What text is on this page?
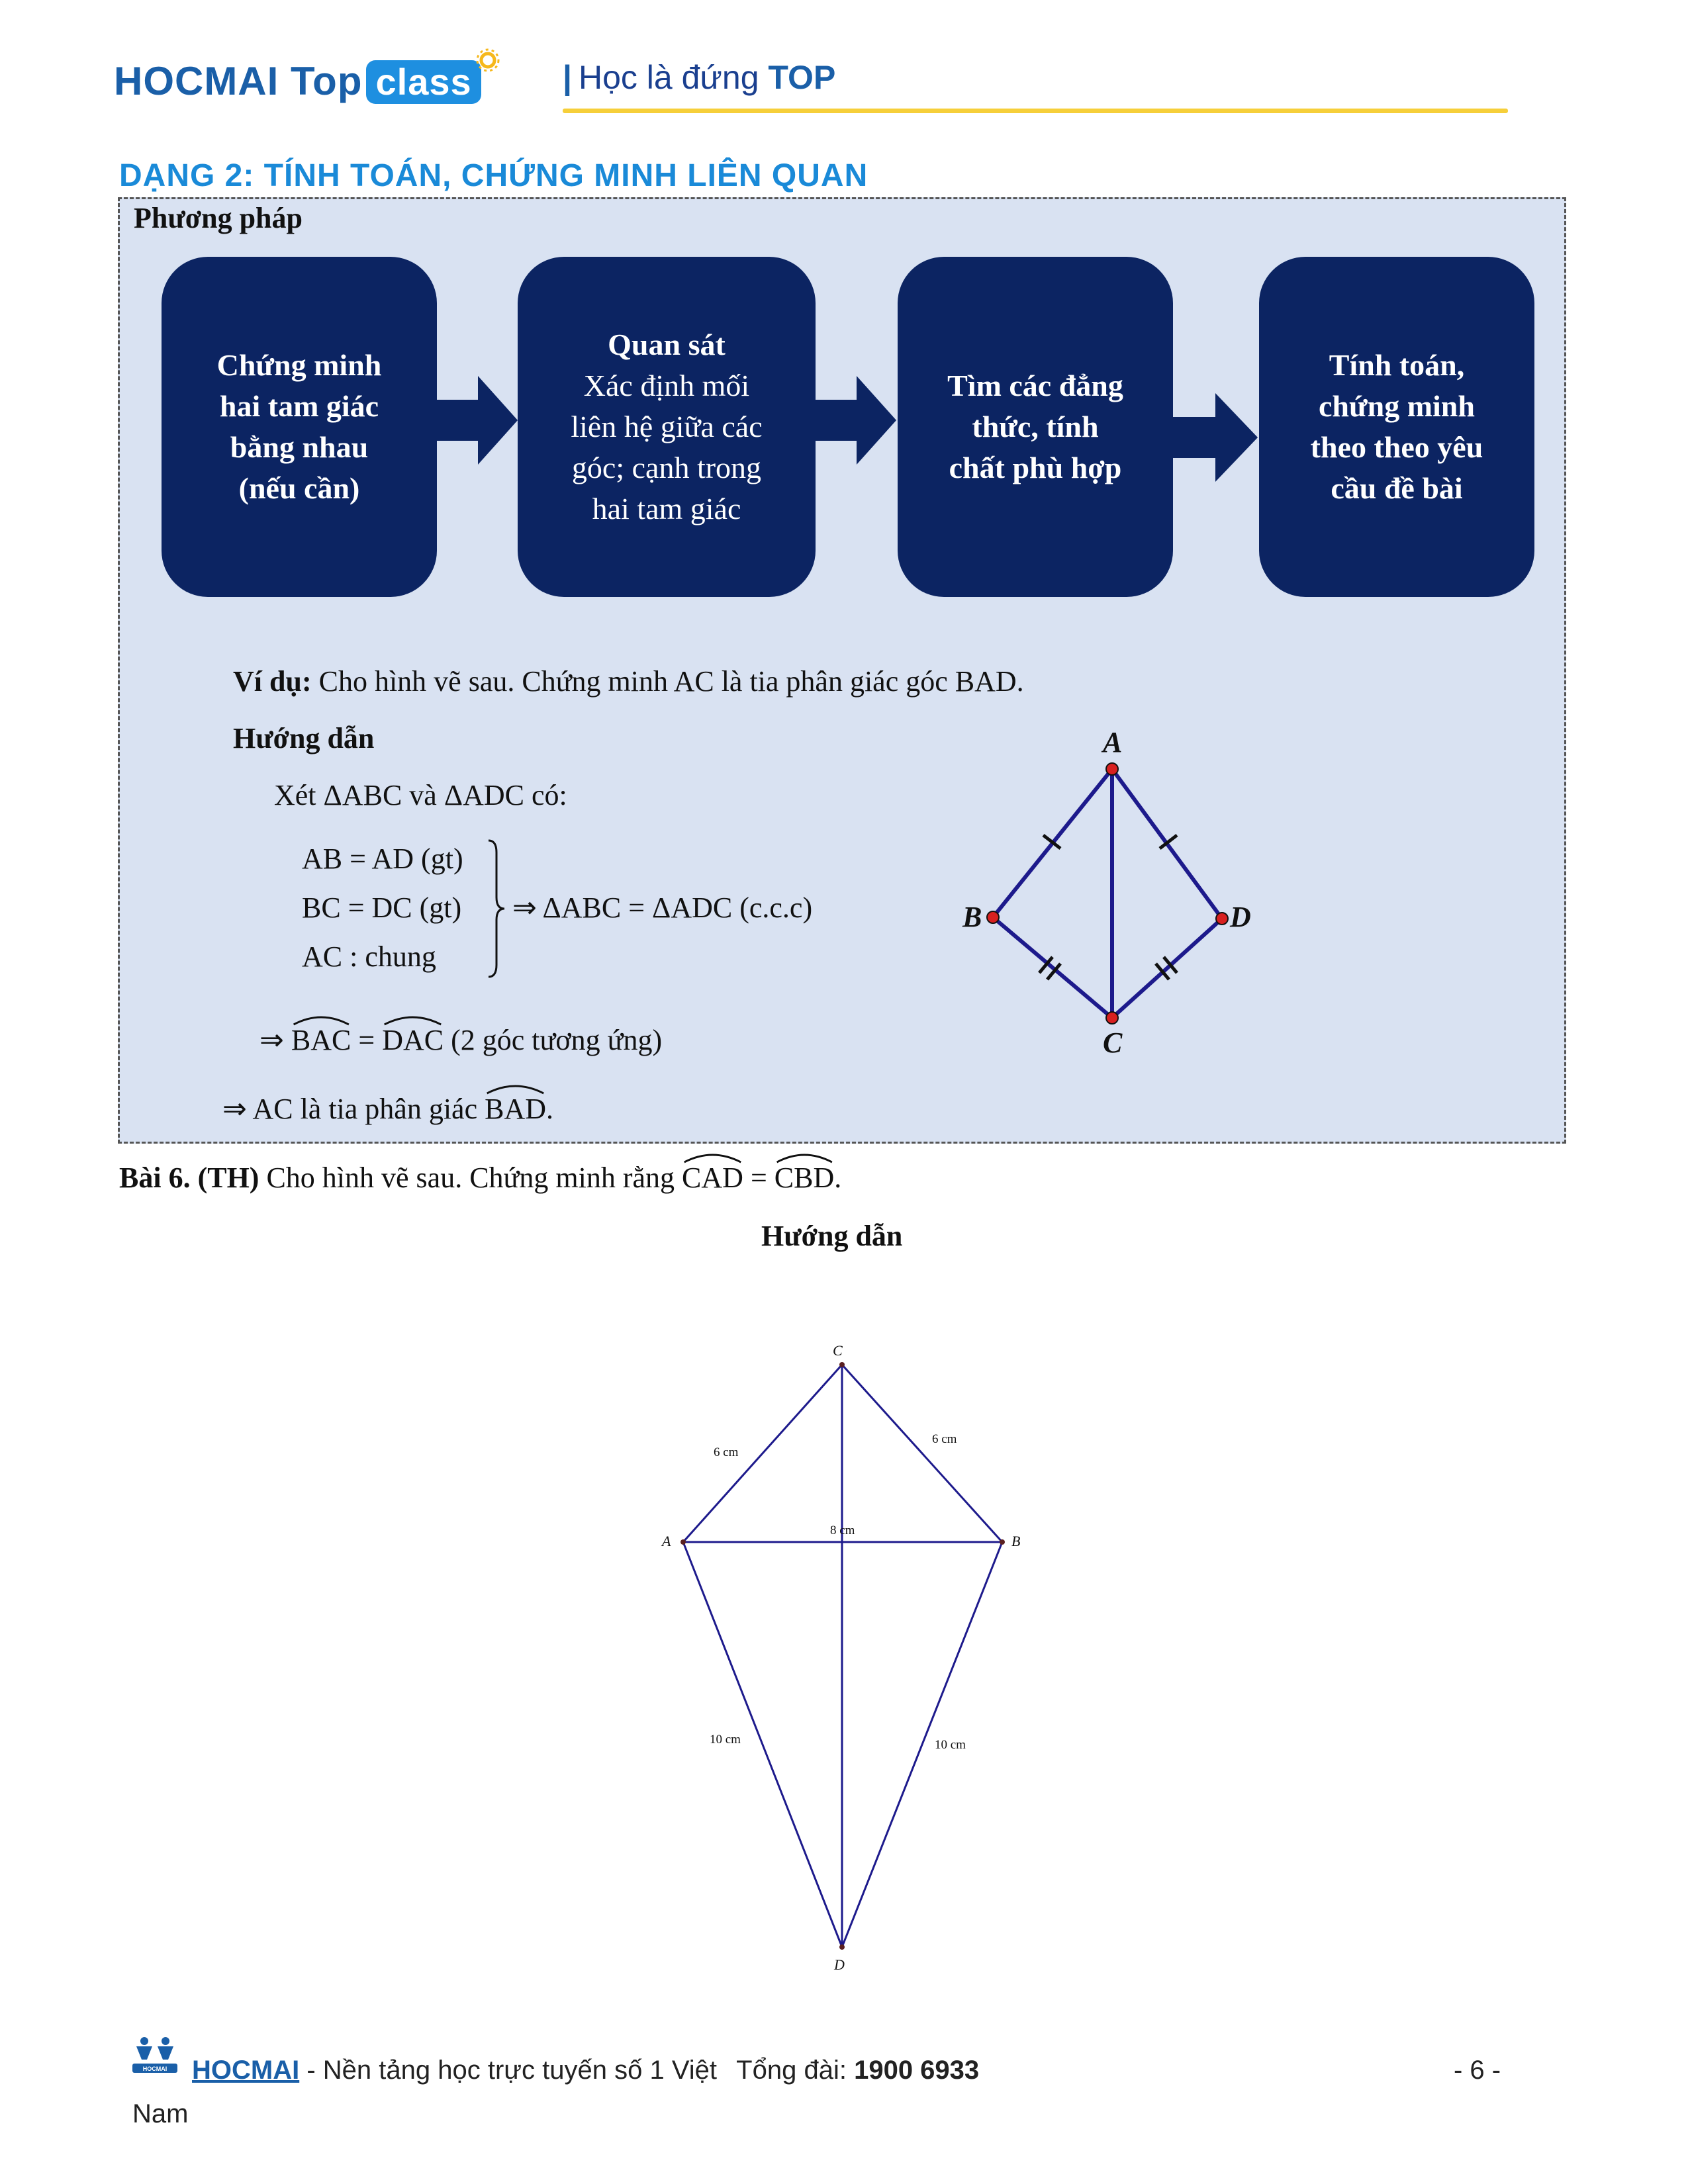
HOCMAI Top class	| Học là đứng TOP
DẠNG 2: TÍNH TOÁN, CHỨNG MINH LIÊN QUAN
Phương pháp
Chứng minh
hai tam giác
bằng nhau
(nếu cần)
Quan sát
Xác định mối
liên hệ giữa các
góc; cạnh trong
hai tam giác
Tìm các đẳng
thức, tính
chất phù hợp
Tính toán,
chứng minh
theo theo yêu
cầu đề bài
Ví dụ: Cho hình vẽ sau. Chứng minh AC là tia phân giác góc BAD.
Hướng dẫn
Xét ΔABC và ΔADC có:
AB = AD (gt)
BC = DC (gt)
AC : chung
⇒ ΔABC = ΔADC (c.c.c)
⇒ BAC = DAC (2 góc tương ứng)
⇒ AC là tia phân giác BAD.
A
B
C
D
Bài 6. (TH) Cho hình vẽ sau. Chứng minh rằng CAD = CBD.
Hướng dẫn
C
A	B
D
6 cm
6 cm
8 cm
10 cm	10 cm
HOCMAI HOCMAI - Nền tảng học trực tuyến số 1 Việt Tổng đài: 1900 6933	- 6 -
Nam
